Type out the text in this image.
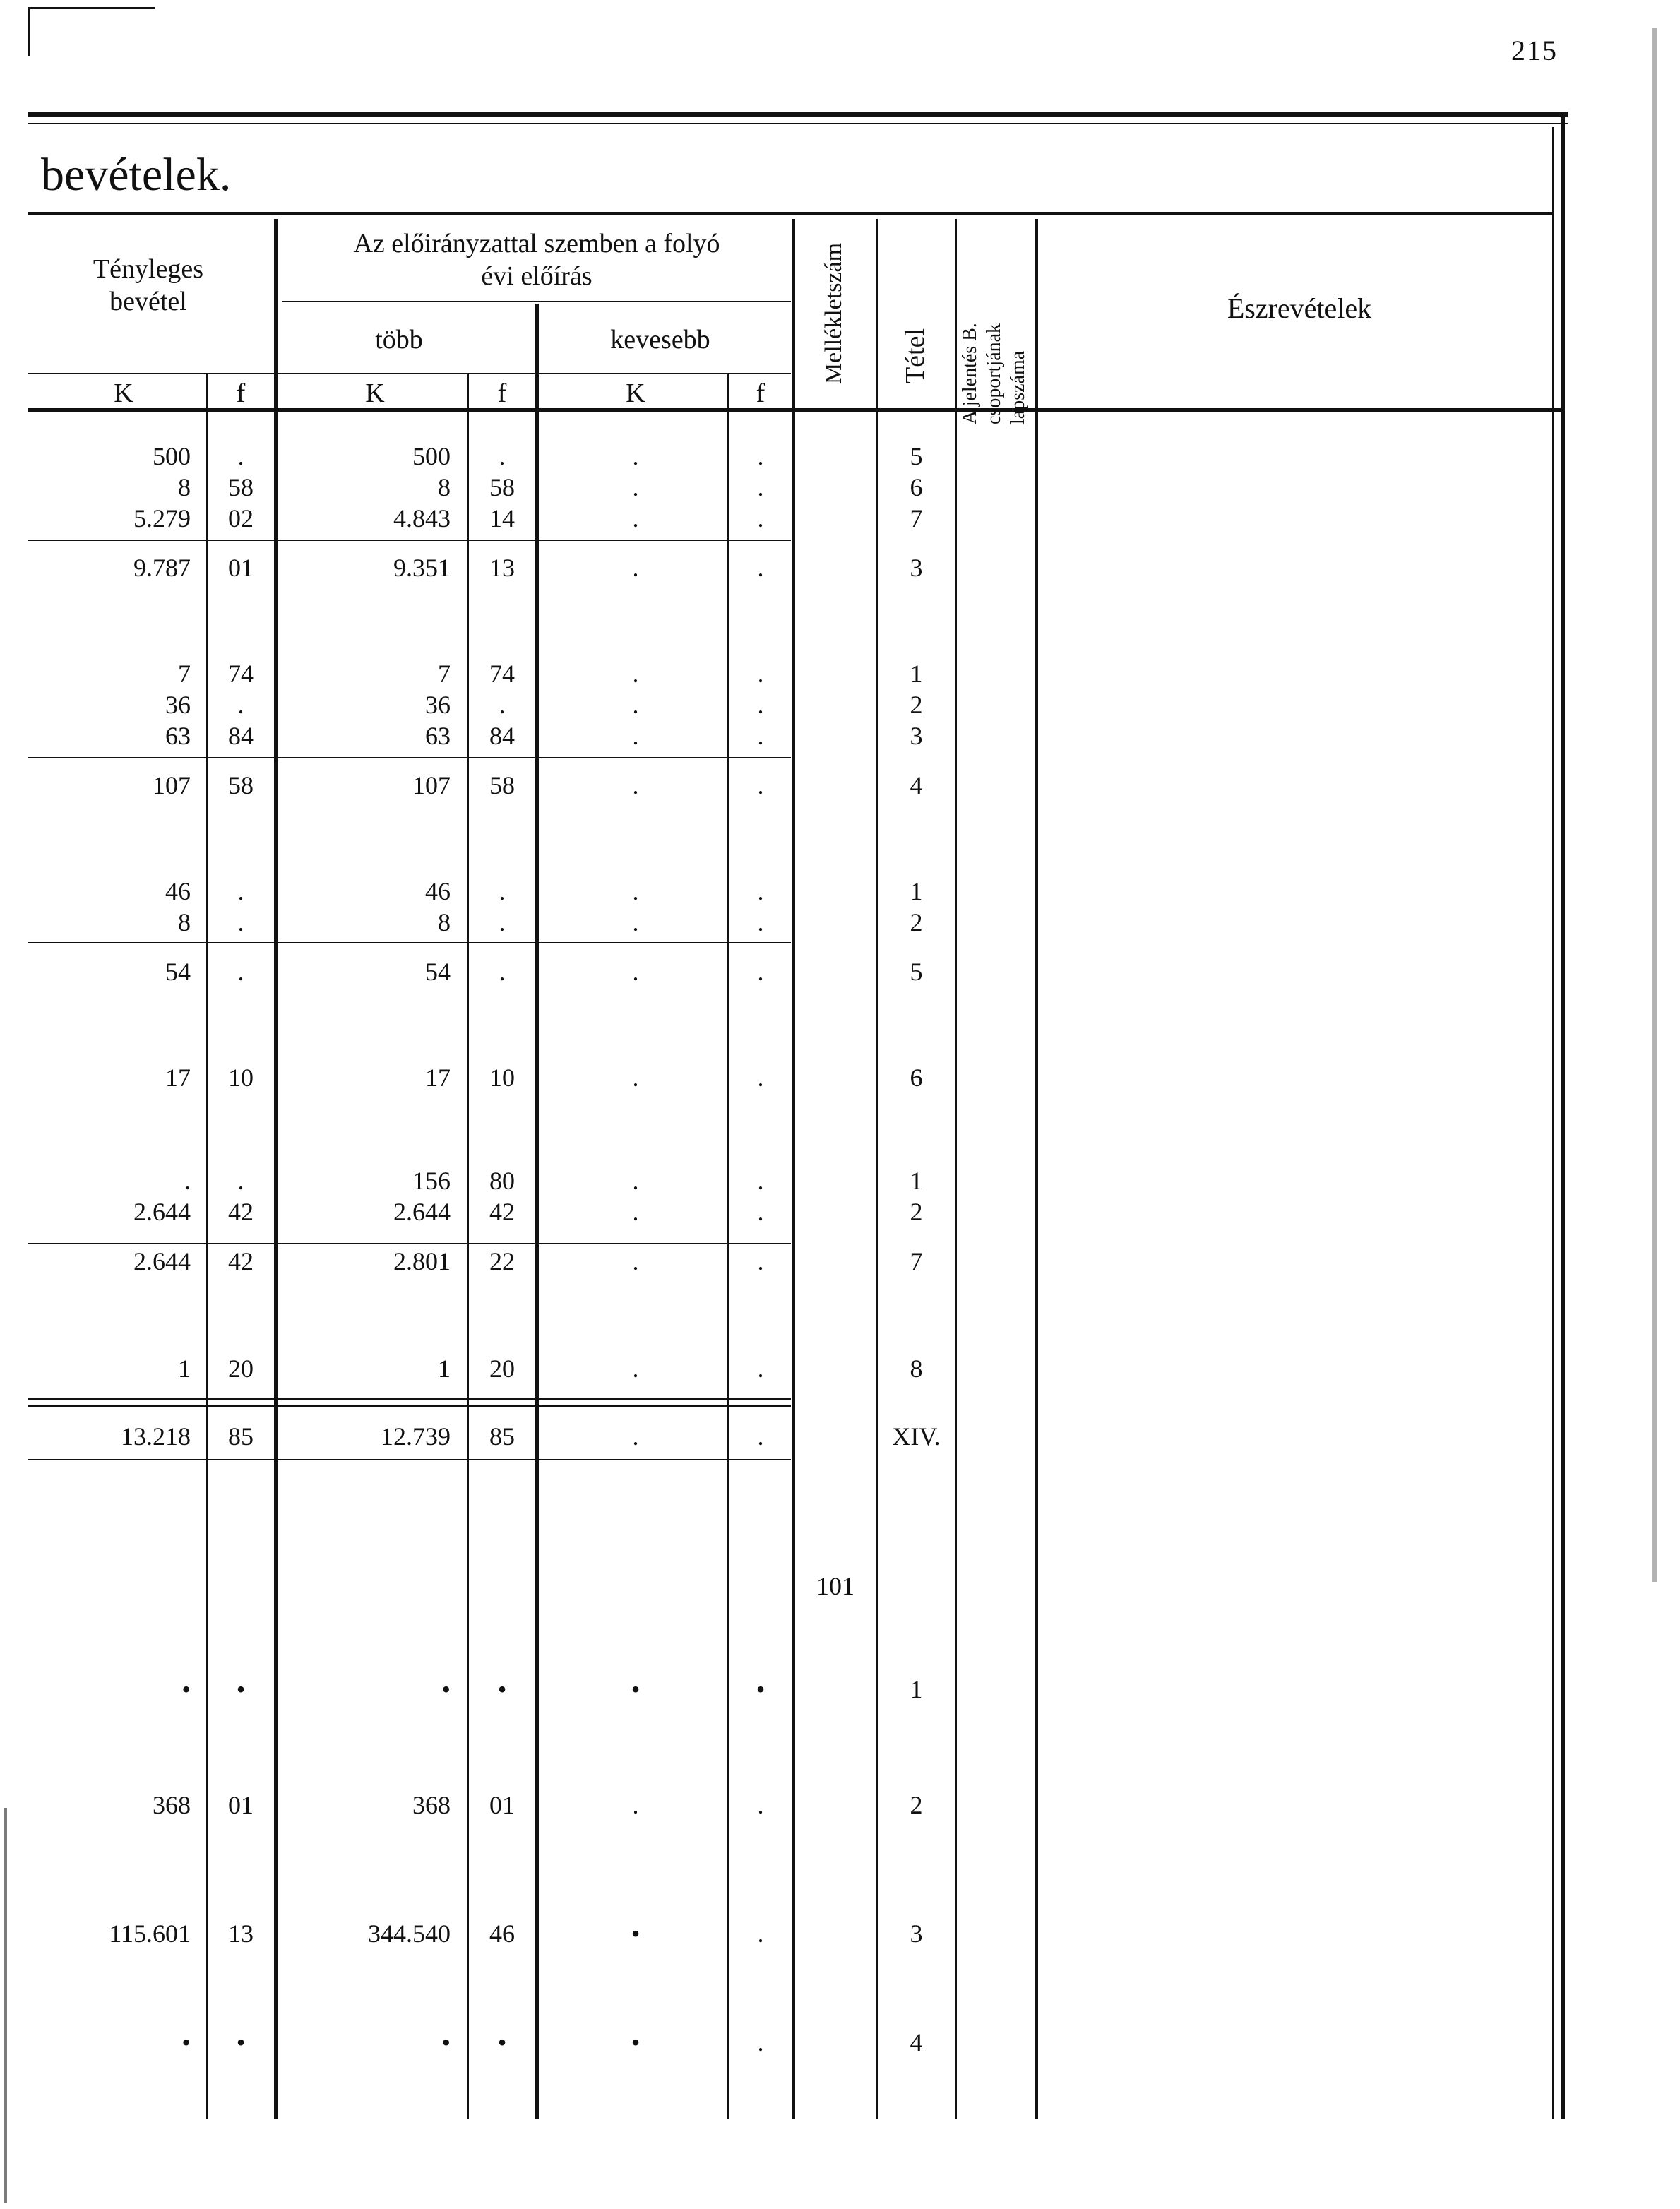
215
bevételek.
Tényleges
bevétel
Az előirányzattal szemben a folyó
évi előírás
több	kevesebb
K	f	K	f	K	f
Mellékletszám Tétel
A jelentés B.
csoportjának
lapszáma
Észrevételek
500	.	500	.	.	.	5
8	58	8	58	.	.	6
5.279	02	4.843	14	.	.	7
9.787	01	9.351	13	.	.	3
7	74	7	74	.	.	1
36	.	36	.	.	.	2
63	84	63	84	.	.	3
107	58	107	58	.	.	4
46	.	46	.	.	.	1
8	.	8	.	.	.	2
54	.	54	.	.	.	5
17	10	17	10	.	.	6
.	.	156	80	.	.	1
2.644	42	2.644	42	.	.	2
2.644	42	2.801	22	.	.	7
1	20	1	20	.	.	8
13.218	85	12.739	85	.	.	XIV.
•	•	•	•	•	•	1
368	01	368	01	.	.	2
115.601	13	344.540	46	•	.	3
•	•	•	•	•	.	4
101
